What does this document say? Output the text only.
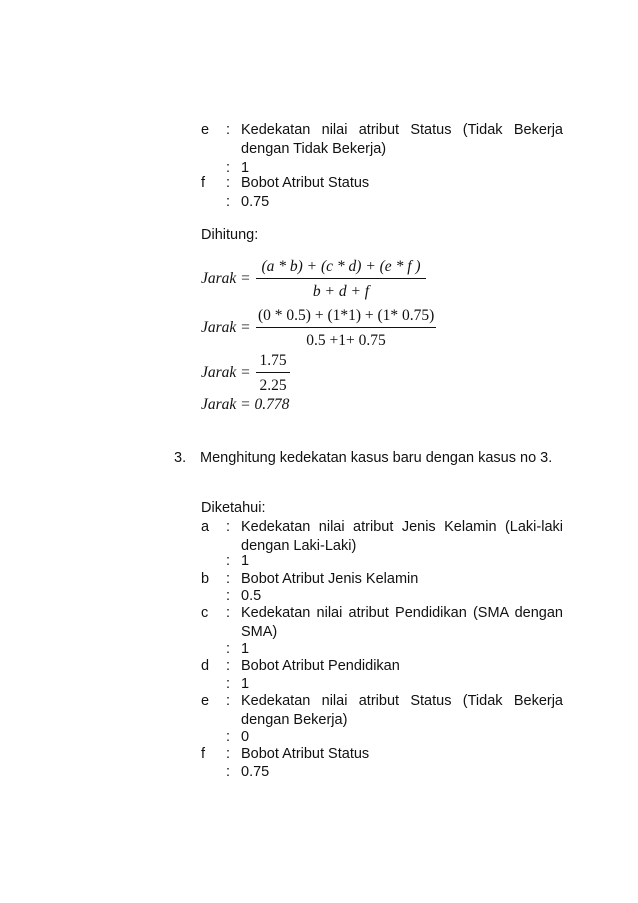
e : Kedekatan nilai atribut Status (Tidak Bekerja dengan Tidak Bekerja)
: 1
f : Bobot Atribut Status
: 0.75
Dihitung:
Jarak =
(a * b) + (c * d) + (e * f )
b + d + f
Jarak =
(0 * 0.5) + (1*1) + (1* 0.75)
0.5 +1+ 0.75
Jarak =
1.75
2.25
Jarak = 0.778
3. Menghitung kedekatan kasus baru dengan kasus no 3.
Diketahui:
a : Kedekatan nilai atribut Jenis Kelamin (Laki-laki dengan Laki-Laki)
: 1
b : Bobot Atribut Jenis Kelamin
: 0.5
c : Kedekatan nilai atribut Pendidikan (SMA dengan SMA)
: 1
d : Bobot Atribut Pendidikan
: 1
e : Kedekatan nilai atribut Status (Tidak Bekerja dengan Bekerja)
: 0
f : Bobot Atribut Status
: 0.75
